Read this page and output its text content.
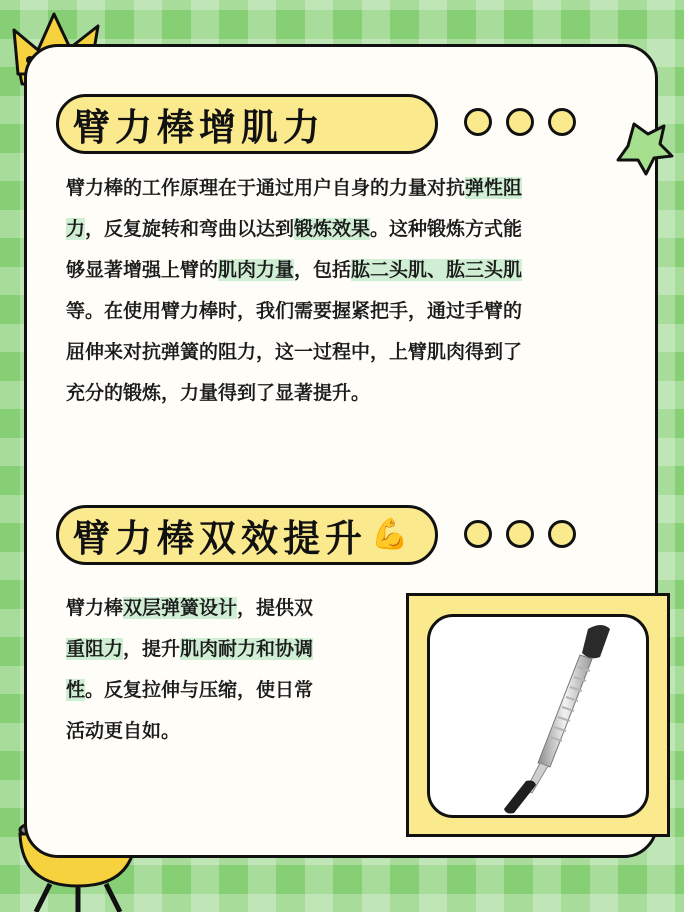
臂力棒增肌力
臂力棒的工作原理在于通过用户自身的力量对抗弹性阻
力，反复旋转和弯曲以达到锻炼效果。这种锻炼方式能
够显著增强上臂的肌肉力量，包括肱二头肌、肱三头肌
等。在使用臂力棒时，我们需要握紧把手，通过手臂的
屈伸来对抗弹簧的阻力，这一过程中，上臂肌肉得到了
充分的锻炼，力量得到了显著提升。
臂力棒双效提升 💪
臂力棒双层弹簧设计，提供双
重阻力，提升肌肉耐力和协调
性。反复拉伸与压缩，使日常
活动更自如。
